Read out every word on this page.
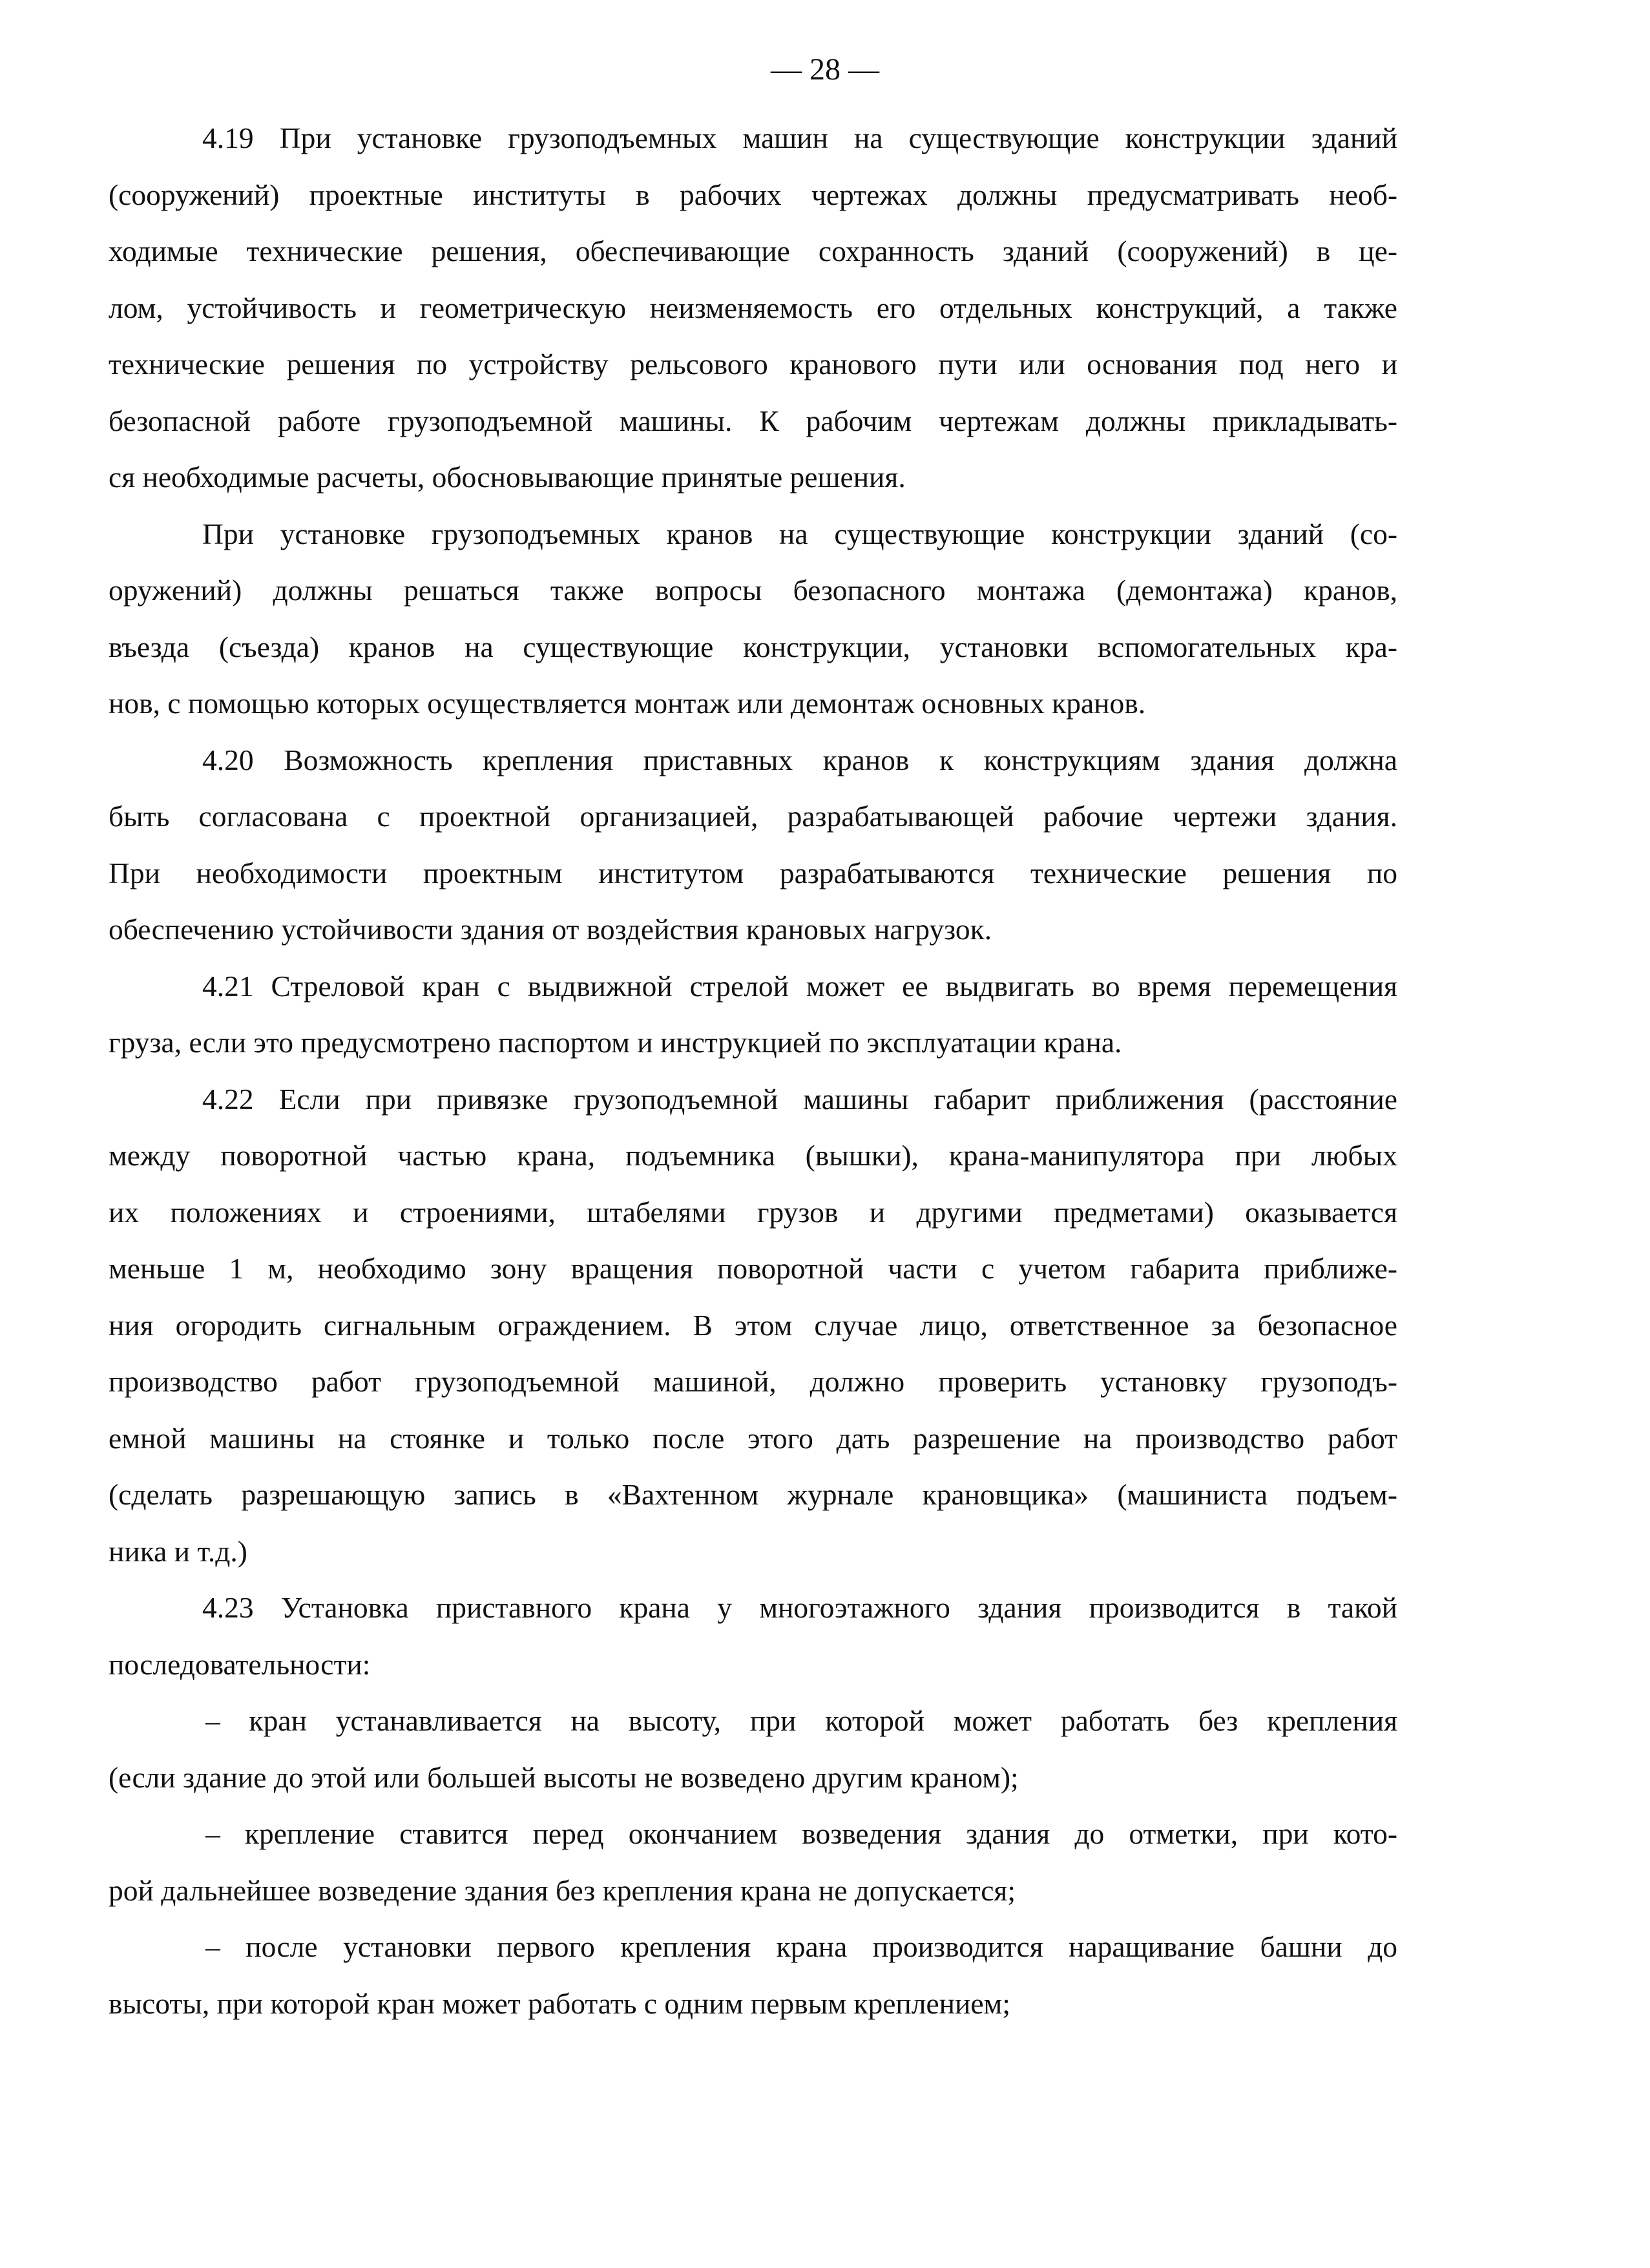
— 28 —
4.19 При установке грузоподъемных машин на существующие конструкции зданий
(сооружений) проектные институты в рабочих чертежах должны предусматривать необ-
ходимые технические решения, обеспечивающие сохранность зданий (сооружений) в це-
лом, устойчивость и геометрическую неизменяемость его отдельных конструкций, а также
технические решения по устройству рельсового кранового пути или основания под него и
безопасной работе грузоподъемной машины. К рабочим чертежам должны прикладывать-
ся необходимые расчеты, обосновывающие принятые решения.
При установке грузоподъемных кранов на существующие конструкции зданий (со-
оружений) должны решаться также вопросы безопасного монтажа (демонтажа) кранов,
въезда (съезда) кранов на существующие конструкции, установки вспомогательных кра-
нов, с помощью которых осуществляется монтаж или демонтаж основных кранов.
4.20 Возможность крепления приставных кранов к конструкциям здания должна
быть согласована с проектной организацией, разрабатывающей рабочие чертежи здания.
При необходимости проектным институтом разрабатываются технические решения по
обеспечению устойчивости здания от воздействия крановых нагрузок.
4.21 Стреловой кран с выдвижной стрелой может ее выдвигать во время перемещения
груза, если это предусмотрено паспортом и инструкцией по эксплуатации крана.
4.22 Если при привязке грузоподъемной машины габарит приближения (расстояние
между поворотной частью крана, подъемника (вышки), крана-манипулятора при любых
их положениях и строениями, штабелями грузов и другими предметами) оказывается
меньше 1 м, необходимо зону вращения поворотной части с учетом габарита приближе-
ния огородить сигнальным ограждением. В этом случае лицо, ответственное за безопасное
производство работ грузоподъемной машиной, должно проверить установку грузоподъ-
емной машины на стоянке и только после этого дать разрешение на производство работ
(сделать разрешающую запись в «Вахтенном журнале крановщика» (машиниста подъем-
ника и т.д.)
4.23 Установка приставного крана у многоэтажного здания производится в такой
последовательности:
– кран устанавливается на высоту, при которой может работать без крепления
(если здание до этой или большей высоты не возведено другим краном);
– крепление ставится перед окончанием возведения здания до отметки, при кото-
рой дальнейшее возведение здания без крепления крана не допускается;
– после установки первого крепления крана производится наращивание башни до
высоты, при которой кран может работать с одним первым креплением;
